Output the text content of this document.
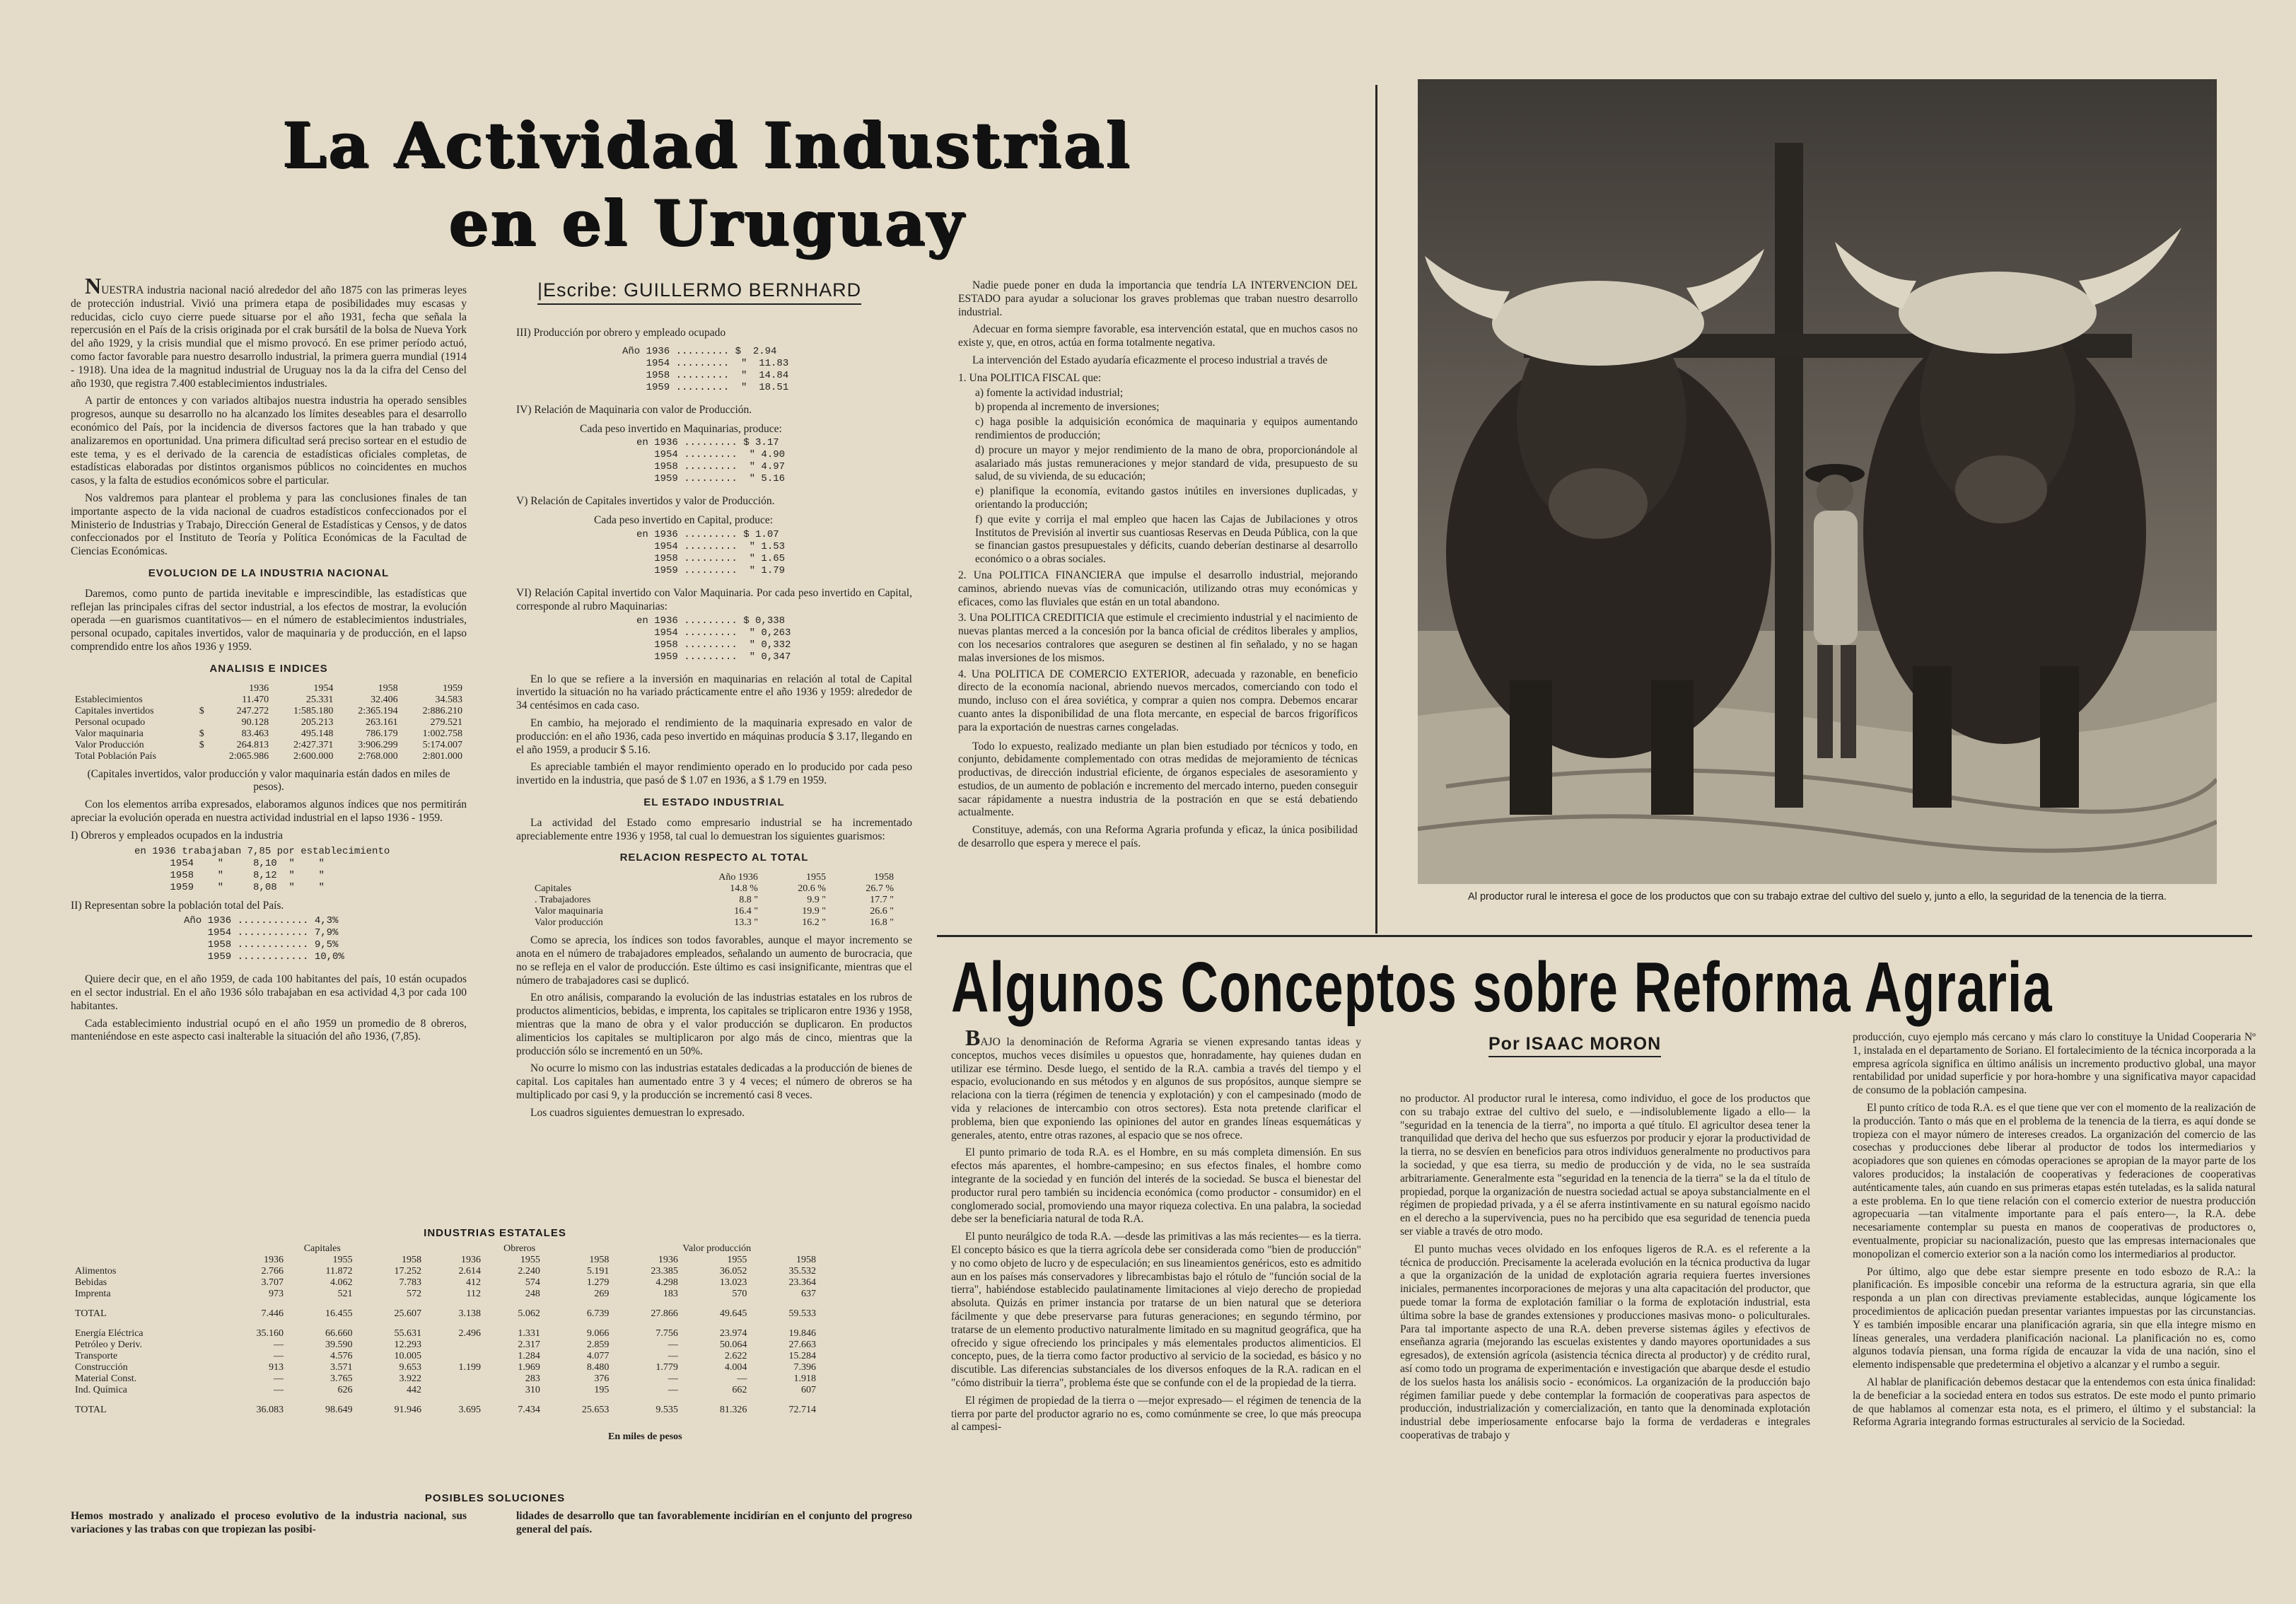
La Actividad Industrial
en el Uruguay

NUESTRA industria nacional nació alrededor del año 1875 con las primeras leyes de protección industrial. Vivió una primera etapa de posibilidades muy escasas y reducidas, ciclo cuyo cierre puede situarse por el año 1931, fecha que señala la repercusión en el País de la crisis originada por el crak bursátil de la bolsa de Nueva York del año 1929, y la crisis mundial que el mismo provocó. En ese primer período actuó, como factor favorable para nuestro desarrollo industrial, la primera guerra mundial (1914 - 1918). Una idea de la magnitud industrial de Uruguay nos la da la cifra del Censo del año 1930, que registra 7.400 establecimientos industriales.

A partir de entonces y con variados altibajos nuestra industria ha operado sensibles progresos, aunque su desarrollo no ha alcanzado los límites deseables para el desarrollo económico del País, por la incidencia de diversos factores que la han trabado y que analizaremos en oportunidad. Una primera dificultad será preciso sortear en el estudio de este tema, y es el derivado de la carencia de estadísticas oficiales completas, de estadísticas elaboradas por distintos organismos públicos no coincidentes en muchos casos, y la falta de estudios económicos sobre el particular.

Nos valdremos para plantear el problema y para las conclusiones finales de tan importante aspecto de la vida nacional de cuadros estadísticos confeccionados por el Ministerio de Industrias y Trabajo, Dirección General de Estadísticas y Censos, y de datos confeccionados por el Instituto de Teoría y Política Económicas de la Facultad de Ciencias Económicas.

EVOLUCION DE LA INDUSTRIA NACIONAL

Daremos, como punto de partida inevitable e imprescindible, las estadísticas que reflejan las principales cifras del sector industrial, a los efectos de mostrar, la evolución operada —en guarismos cuantitativos— en el número de establecimientos industriales, personal ocupado, capitales invertidos, valor de maquinaria y de producción, en el lapso comprendido entre los años 1936 y 1959.

ANALISIS E INDICES
		1936	1954	1958	1959
Establecimientos		11.470	25.331	32.406	34.583
Capitales invertidos	$	247.272	1:585.180	2:365.194	2:886.210
Personal ocupado		90.128	205.213	263.161	279.521
Valor maquinaria	$	83.463	495.148	786.179	1:002.758
Valor Producción	$	264.813	2:427.371	3:906.299	5:174.007
Total Población País		2:065.986	2:600.000	2:768.000	2:801.000

(Capitales invertidos, valor producción y valor maquinaria están dados en miles de pesos).

Con los elementos arriba expresados, elaboramos algunos índices que nos permitirán apreciar la evolución operada en nuestra actividad industrial en el lapso 1936 - 1959.

I) Obreros y empleados ocupados en la industria
en 1936 trabajaban 7,85 por establecimiento
1954    "     8,10  "    "
1958    "     8,12  "    "
1959    "     8,08  "    "
II) Representan sobre la población total del País.
Año 1936 ............ 4,3%
1954 ............ 7,9%
1958 ............ 9,5%
1959 ............ 10,0%

Quiere decir que, en el año 1959, de cada 100 habitantes del país, 10 están ocupados en el sector industrial. En el año 1936 sólo trabajaban en esa actividad 4,3 por cada 100 habitantes.

Cada establecimiento industrial ocupó en el año 1959 un promedio de 8 obreros, manteniéndose en este aspecto casi inalterable la situación del año 1936, (7,85).

|Escribe: GUILLERMO BERNHARD
III) Producción por obrero y empleado ocupado
Año 1936 ......... $  2.94
1954 .........  "  11.83
1958 .........  "  14.84
1959 .........  "  18.51
IV) Relación de Maquinaria con valor de Producción.
Cada peso invertido en Maquinarias, produce:
en 1936 ......... $ 3.17
1954 .........  " 4.90
1958 .........  " 4.97
1959 .........  " 5.16
V) Relación de Capitales invertidos y valor de Producción.
Cada peso invertido en Capital, produce:
en 1936 ......... $ 1.07
1954 .........  " 1.53
1958 .........  " 1.65
1959 .........  " 1.79
VI) Relación Capital invertido con Valor Maquinaria. Por cada peso invertido en Capital, corresponde al rubro Maquinarias:
en 1936 ......... $ 0,338
1954 .........  " 0,263
1958 .........  " 0,332
1959 .........  " 0,347

En lo que se refiere a la inversión en maquinarias en relación al total de Capital invertido la situación no ha variado prácticamente entre el año 1936 y 1959: alrededor de 34 centésimos en cada caso.

En cambio, ha mejorado el rendimiento de la maquinaria expresado en valor de producción: en el año 1936, cada peso invertido en máquinas producía $ 3.17, llegando en el año 1959, a producir $ 5.16.

Es apreciable también el mayor rendimiento operado en lo producido por cada peso invertido en la industria, que pasó de $ 1.07 en 1936, a $ 1.79 en 1959.

EL ESTADO INDUSTRIAL

La actividad del Estado como empresario industrial se ha incrementado apreciablemente entre 1936 y 1958, tal cual lo demuestran los siguientes guarismos:

RELACION RESPECTO AL TOTAL
	Año 1936	1955	1958
Capitales	14.8 %	20.6 %	26.7 %
. Trabajadores	8.8 "	9.9 "	17.7 "
Valor maquinaria	16.4 "	19.9 "	26.6 "
Valor producción	13.3 "	16.2 "	16.8 "

Como se aprecia, los índices son todos favorables, aunque el mayor incremento se anota en el número de trabajadores empleados, señalando un aumento de burocracia, que no se refleja en el valor de producción. Este último es casi insignificante, mientras que el número de trabajadores casi se duplicó.

En otro análisis, comparando la evolución de las industrias estatales en los rubros de productos alimenticios, bebidas, e imprenta, los capitales se triplicaron entre 1936 y 1958, mientras que la mano de obra y el valor producción se duplicaron. En productos alimenticios los capitales se multiplicaron por algo más de cinco, mientras que la producción sólo se incrementó en un 50%.

No ocurre lo mismo con las industrias estatales dedicadas a la producción de bienes de capital. Los capitales han aumentado entre 3 y 4 veces; el número de obreros se ha multiplicado por casi 9, y la producción se incrementó casi 8 veces.

Los cuadros siguientes demuestran lo expresado.

Nadie puede poner en duda la importancia que tendría LA INTERVENCION DEL ESTADO para ayudar a solucionar los graves problemas que traban nuestro desarrollo industrial.

Adecuar en forma siempre favorable, esa intervención estatal, que en muchos casos no existe y, que, en otros, actúa en forma totalmente negativa.

La intervención del Estado ayudaría eficazmente el proceso industrial a través de

1. Una POLITICA FISCAL que:
a) fomente la actividad industrial;
b) propenda al incremento de inversiones;
c) haga posible la adquisición económica de maquinaria y equipos aumentando rendimientos de producción;
d) procure un mayor y mejor rendimiento de la mano de obra, proporcionándole al asalariado más justas remuneraciones y mejor standard de vida, presupuesto de su salud, de su vivienda, de su educación;
e) planifique la economía, evitando gastos inútiles en inversiones duplicadas, y orientando la producción;
f) que evite y corrija el mal empleo que hacen las Cajas de Jubilaciones y otros Institutos de Previsión al invertir sus cuantiosas Reservas en Deuda Pública, con la que se financian gastos presupuestales y déficits, cuando deberían destinarse al desarrollo económico o a obras sociales.
2. Una POLITICA FINANCIERA que impulse el desarrollo industrial, mejorando caminos, abriendo nuevas vías de comunicación, utilizando otras muy económicas y eficaces, como las fluviales que están en un total abandono.
3. Una POLITICA CREDITICIA que estimule el crecimiento industrial y el nacimiento de nuevas plantas merced a la concesión por la banca oficial de créditos liberales y amplios, con los necesarios contralores que aseguren se destinen al fin señalado, y no se hagan malas inversiones de los mismos.
4. Una POLITICA DE COMERCIO EXTERIOR, adecuada y razonable, en beneficio directo de la economía nacional, abriendo nuevos mercados, comerciando con todo el mundo, incluso con el área soviética, y comprar a quien nos compra. Debemos encarar cuanto antes la disponibilidad de una flota mercante, en especial de barcos frigoríficos para la exportación de nuestras carnes congeladas.

Todo lo expuesto, realizado mediante un plan bien estudiado por técnicos y todo, en conjunto, debidamente complementado con otras medidas de mejoramiento de técnicas productivas, de dirección industrial eficiente, de órganos especiales de asesoramiento y estudios, de un aumento de población e incremento del mercado interno, pueden conseguir sacar rápidamente a nuestra industria de la postración en que se está debatiendo actualmente.

Constituye, además, con una Reforma Agraria profunda y eficaz, la única posibilidad de desarrollo que espera y merece el país.

INDUSTRIAS ESTATALES
	Capitales			Obreros			Valor producción		
	1936	1955	1958	1936	1955	1958	1936	1955	1958
Alimentos	2.766	11.872	17.252	2.614	2.240	5.191	23.385	36.052	35.532
Bebidas	3.707	4.062	7.783	412	574	1.279	4.298	13.023	23.364
Imprenta	973	521	572	112	248	269	183	570	637
TOTAL	7.446	16.455	25.607	3.138	5.062	6.739	27.866	49.645	59.533
Energía Eléctrica	35.160	66.660	55.631	2.496	1.331	9.066	7.756	23.974	19.846
Petróleo y Deriv.	—	39.590	12.293		2.317	2.859	—	50.064	27.663
Transporte	—	4.576	10.005		1.284	4.077	—	2.622	15.284
Construcción	913	3.571	9.653	1.199	1.969	8.480	1.779	4.004	7.396
Material Const.	—	3.765	3.922		283	376	—	—	1.918
Ind. Química	—	626	442		310	195	—	662	607
TOTAL	36.083	98.649	91.946	3.695	7.434	25.653	9.535	81.326	72.714
En miles de pesos
POSIBLES SOLUCIONES
Hemos mostrado y analizado el proceso evolutivo de la industria nacional, sus variaciones y las trabas con que tropiezan las posibi-
lidades de desarrollo que tan favorablemente incidirían en el conjunto del progreso general del país.
Al productor rural le interesa el goce de los productos que con su trabajo extrae del cultivo del suelo y, junto a ello, la seguridad de la tenencia de la tierra.
Algunos Conceptos sobre Reforma Agraria
Por ISAAC MORON

BAJO la denominación de Reforma Agraria se vienen expresando tantas ideas y conceptos, muchos veces disímiles u opuestos que, honradamente, hay quienes dudan en utilizar ese término. Desde luego, el sentido de la R.A. cambia a través del tiempo y el espacio, evolucionando en sus métodos y en algunos de sus propósitos, aunque siempre se relaciona con la tierra (régimen de tenencia y explotación) y con el campesinado (modo de vida y relaciones de intercambio con otros sectores). Esta nota pretende clarificar el problema, bien que exponiendo las opiniones del autor en grandes líneas esquemáticas y generales, atento, entre otras razones, al espacio que se nos ofrece.

El punto primario de toda R.A. es el Hombre, en su más completa dimensión. En sus efectos más aparentes, el hombre-campesino; en sus efectos finales, el hombre como integrante de la sociedad y en función del interés de la sociedad. Se busca el bienestar del productor rural pero también su incidencia económica (como productor - consumidor) en el conglomerado social, promoviendo una mayor riqueza colectiva. En una palabra, la sociedad debe ser la beneficiaria natural de toda R.A.

El punto neurálgico de toda R.A. —desde las primitivas a las más recientes— es la tierra. El concepto básico es que la tierra agrícola debe ser considerada como "bien de producción" y no como objeto de lucro y de especulación; en sus lineamientos genéricos, esto es admitido aun en los países más conservadores y librecambistas bajo el rótulo de "función social de la tierra", habiéndose establecido paulatinamente limitaciones al viejo derecho de propiedad absoluta. Quizás en primer instancia por tratarse de un bien natural que se deteriora fácilmente y que debe preservarse para futuras generaciones; en segundo término, por tratarse de un elemento productivo naturalmente limitado en su magnitud geográfica, que ha ofrecido y sigue ofreciendo los principales y más elementales productos alimenticios. El concepto, pues, de la tierra como factor productivo al servicio de la sociedad, es básico y no discutible. Las diferencias substanciales de los diversos enfoques de la R.A. radican en el "cómo distribuir la tierra", problema éste que se confunde con el de la propiedad de la tierra.

El régimen de propiedad de la tierra o —mejor expresado— el régimen de tenencia de la tierra por parte del productor agrario no es, como comúnmente se cree, lo que más preocupa al campesi-

no productor. Al productor rural le interesa, como individuo, el goce de los productos que con su trabajo extrae del cultivo del suelo, e —indisolublemente ligado a ello— la "seguridad en la tenencia de la tierra", no importa a qué título. El agricultor desea tener la tranquilidad que deriva del hecho que sus esfuerzos por producir y ejorar la productividad de la tierra, no se desvíen en beneficios para otros individuos generalmente no productivos para la sociedad, y que esa tierra, su medio de producción y de vida, no le sea sustraída arbitrariamente. Generalmente esta "seguridad en la tenencia de la tierra" se la da el título de propiedad, porque la organización de nuestra sociedad actual se apoya substancialmente en el régimen de propiedad privada, y a él se aferra instintivamente en su natural egoísmo nacido en el derecho a la supervivencia, pues no ha percibido que esa seguridad de tenencia pueda ser viable a través de otro modo.

El punto muchas veces olvidado en los enfoques ligeros de R.A. es el referente a la técnica de producción. Precisamente la acelerada evolución en la técnica productiva da lugar a que la organización de la unidad de explotación agraria requiera fuertes inversiones iniciales, permanentes incorporaciones de mejoras y una alta capacitación del productor, que puede tomar la forma de explotación familiar o la forma de explotación industrial, esta última sobre la base de grandes extensiones y producciones masivas mono- o policulturales. Para tal importante aspecto de una R.A. deben preverse sistemas ágiles y efectivos de enseñanza agraria (mejorando las escuelas existentes y dando mayores oportunidades a sus egresados), de extensión agrícola (asistencia técnica directa al productor) y de crédito rural, así como todo un programa de experimentación e investigación que abarque desde el estudio de los suelos hasta los análisis socio - económicos. La organización de la producción bajo régimen familiar puede y debe contemplar la formación de cooperativas para aspectos de producción, industrialización y comercialización, en tanto que la denominada explotación industrial debe imperiosamente enfocarse bajo la forma de verdaderas e integrales cooperativas de trabajo y

producción, cuyo ejemplo más cercano y más claro lo constituye la Unidad Cooperaria Nº 1, instalada en el departamento de Soriano. El fortalecimiento de la técnica incorporada a la empresa agrícola significa en último análisis un incremento productivo global, una mayor rentabilidad por unidad superficie y por hora-hombre y una significativa mayor capacidad de consumo de la población campesina.

El punto crítico de toda R.A. es el que tiene que ver con el momento de la realización de la producción. Tanto o más que en el problema de la tenencia de la tierra, es aquí donde se tropieza con el mayor número de intereses creados. La organización del comercio de las cosechas y producciones debe liberar al productor de todos los intermediarios y acopiadores que son quienes en cómodas operaciones se apropian de la mayor parte de los valores producidos; la instalación de cooperativas y federaciones de cooperativas auténticamente tales, aún cuando en sus primeras etapas estén tuteladas, es la salida natural a este problema. En lo que tiene relación con el comercio exterior de nuestra producción agropecuaria —tan vitalmente importante para el país entero—, la R.A. debe necesariamente contemplar su puesta en manos de cooperativas de productores o, eventualmente, propiciar su nacionalización, puesto que las empresas internacionales que monopolizan el comercio exterior son a la nación como los intermediarios al productor.

Por último, algo que debe estar siempre presente en todo esbozo de R.A.: la planificación. Es imposible concebir una reforma de la estructura agraria, sin que ella responda a un plan con directivas previamente establecidas, aunque lógicamente los procedimientos de aplicación puedan presentar variantes impuestas por las circunstancias. Y es también imposible encarar una planificación agraria, sin que ella integre mismo en líneas generales, una verdadera planificación nacional. La planificación no es, como algunos todavía piensan, una forma rígida de encauzar la vida de una nación, sino el elemento indispensable que predetermina el objetivo a alcanzar y el rumbo a seguir.

Al hablar de planificación debemos destacar que la entendemos con esta única finalidad: la de beneficiar a la sociedad entera en todos sus estratos. De este modo el punto primario de que hablamos al comenzar esta nota, es el primero, el último y el substancial: la Reforma Agraria integrando formas estructurales al servicio de la Sociedad.
